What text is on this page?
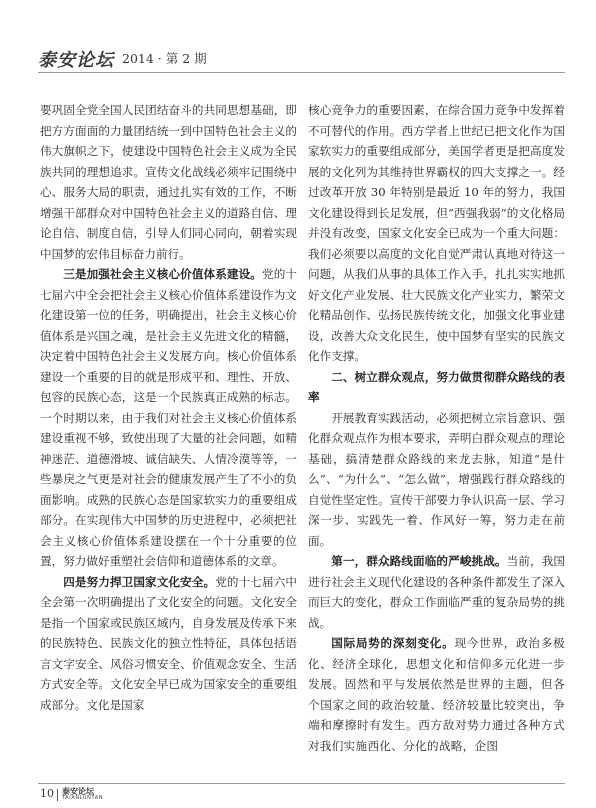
泰安论坛 2014 · 第 2 期

要巩固全党全国人民团结奋斗的共同思想基础，即把方方面面的力量团结统一到中国特色社会主义的伟大旗帜之下，使建设中国特色社会主义成为全民族共同的理想追求。宣传文化战线必须牢记围绕中心、服务大局的职责，通过扎实有效的工作，不断增强干部群众对中国特色社会主义的道路自信、理论自信、制度自信，引导人们同心同向，朝着实现中国梦的宏伟目标奋力前行。

三是加强社会主义核心价值体系建设。党的十七届六中全会把社会主义核心价值体系建设作为文化建设第一位的任务，明确提出，社会主义核心价值体系是兴国之魂，是社会主义先进文化的精髓，决定着中国特色社会主义发展方向。核心价值体系建设一个重要的目的就是形成平和、理性、开放、包容的民族心态，这是一个民族真正成熟的标志。一个时期以来，由于我们对社会主义核心价值体系建设重视不够，致使出现了大量的社会问题，如精神迷茫、道德滑坡、诚信缺失、人情冷漠等等，一些暴戾之气更是对社会的健康发展产生了不小的负面影响。成熟的民族心态是国家软实力的重要组成部分。在实现伟大中国梦的历史进程中，必须把社会主义核心价值体系建设摆在一个十分重要的位置，努力做好重塑社会信仰和道德体系的文章。

四是努力捍卫国家文化安全。党的十七届六中全会第一次明确提出了文化安全的问题。文化安全是指一个国家或民族区域内，自身发展及传承下来的民族特色、民族文化的独立性特征，具体包括语言文字安全、风俗习惯安全、价值观念安全、生活方式安全等。文化安全早已成为国家安全的重要组成部分。文化是国家

核心竞争力的重要因素，在综合国力竞争中发挥着不可替代的作用。西方学者上世纪已把文化作为国家软实力的重要组成部分，美国学者更是把高度发展的文化列为其维持世界霸权的四大支撑之一。经过改革开放 30 年特别是最近 10 年的努力，我国文化建设得到长足发展，但“西强我弱”的文化格局并没有改变，国家文化安全已成为一个重大问题：我们必须要以高度的文化自觉严肃认真地对待这一问题，从我们从事的具体工作入手，扎扎实实地抓好文化产业发展、壮大民族文化产业实力，繁荣文化精品创作、弘扬民族传统文化，加强文化事业建设，改善大众文化民生，使中国梦有坚实的民族文化作支撑。

二、树立群众观点，努力做贯彻群众路线的表率

开展教育实践活动，必须把树立宗旨意识、强化群众观点作为根本要求，弄明白群众观点的理论基础，搞清楚群众路线的来龙去脉，知道“是什么”、“为什么”、“怎么做”，增强践行群众路线的自觉性坚定性。宣传干部要力争认识高一层、学习深一步、实践先一着、作风好一筹，努力走在前面。

第一，群众路线面临的严峻挑战。当前，我国进行社会主义现代化建设的各种条件都发生了深入而巨大的变化，群众工作面临严重的复杂局势的挑战。

国际局势的深刻变化。现今世界，政治多极化、经济全球化，思想文化和信仰多元化进一步发展。固然和平与发展依然是世界的主题，但各个国家之间的政治较量、经济较量比较突出，争端和摩擦时有发生。西方敌对势力通过各种方式对我们实施西化、分化的战略，企图

10 泰安论坛
TAIANLUNTAN
